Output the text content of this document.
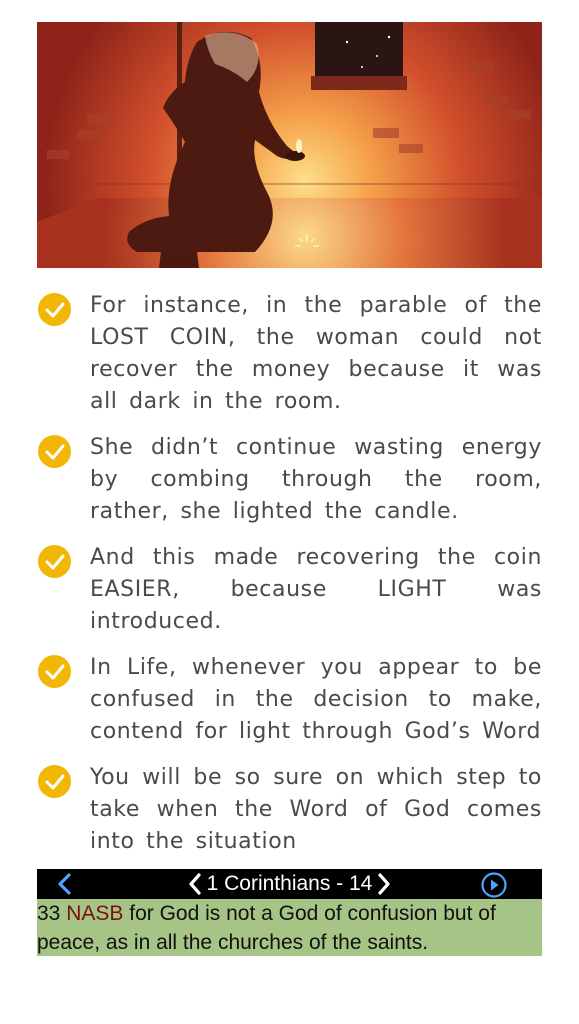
For instance, in the parable of the LOST COIN, the woman could not recover the money because it was all dark in the room.
She didn’t continue wasting energy by combing through the room, rather, she lighted the candle.
And this made recovering the coin EASIER, because LIGHT was introduced.
In Life, whenever you appear to be confused in the decision to make, contend for light through God’s Word
You will be so sure on which step to take when the Word of God comes into the situation
1 Corinthians - 14
33 NASB for God is not a God of confusion but of peace, as in all the churches of the saints.
